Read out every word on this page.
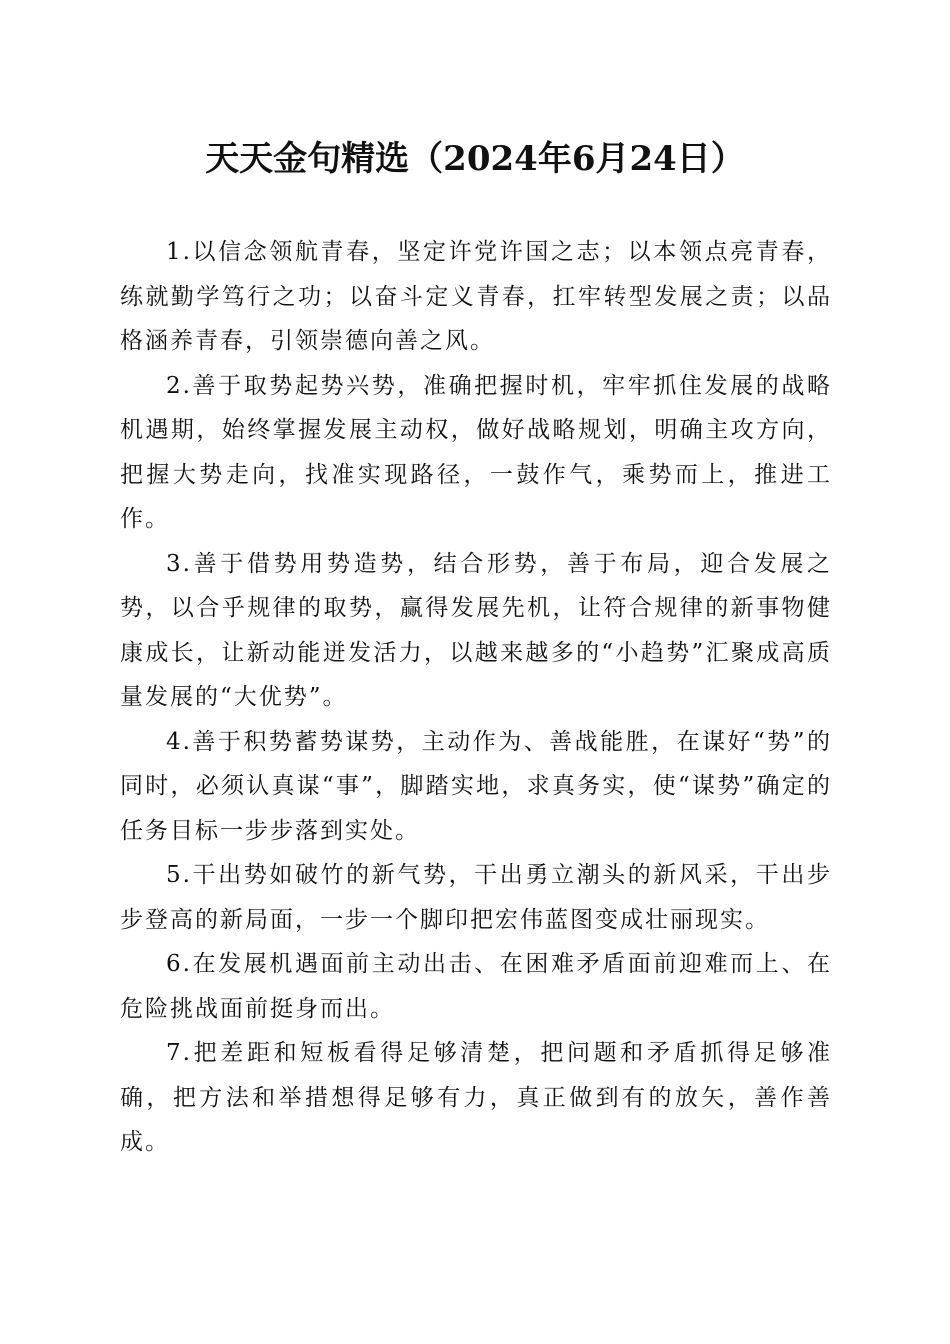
天天金句精选（2024年6月24日）

1.以信念领航青春，坚定许党许国之志；以本领点亮青春，练就勤学笃行之功；以奋斗定义青春，扛牢转型发展之责；以品格涵养青春，引领崇德向善之风。

2.善于取势起势兴势，准确把握时机，牢牢抓住发展的战略机遇期，始终掌握发展主动权，做好战略规划，明确主攻方向，把握大势走向，找准实现路径，一鼓作气，乘势而上，推进工作。

3.善于借势用势造势，结合形势，善于布局，迎合发展之势，以合乎规律的取势，赢得发展先机，让符合规律的新事物健康成长，让新动能迸发活力，以越来越多的“小趋势”汇聚成高质量发展的“大优势”。

4.善于积势蓄势谋势，主动作为、善战能胜，在谋好“势”的同时，必须认真谋“事”，脚踏实地，求真务实，使“谋势”确定的任务目标一步步落到实处。

5.干出势如破竹的新气势，干出勇立潮头的新风采，干出步步登高的新局面，一步一个脚印把宏伟蓝图变成壮丽现实。

6.在发展机遇面前主动出击、在困难矛盾面前迎难而上、在危险挑战面前挺身而出。

7.把差距和短板看得足够清楚，把问题和矛盾抓得足够准确，把方法和举措想得足够有力，真正做到有的放矢，善作善成。
